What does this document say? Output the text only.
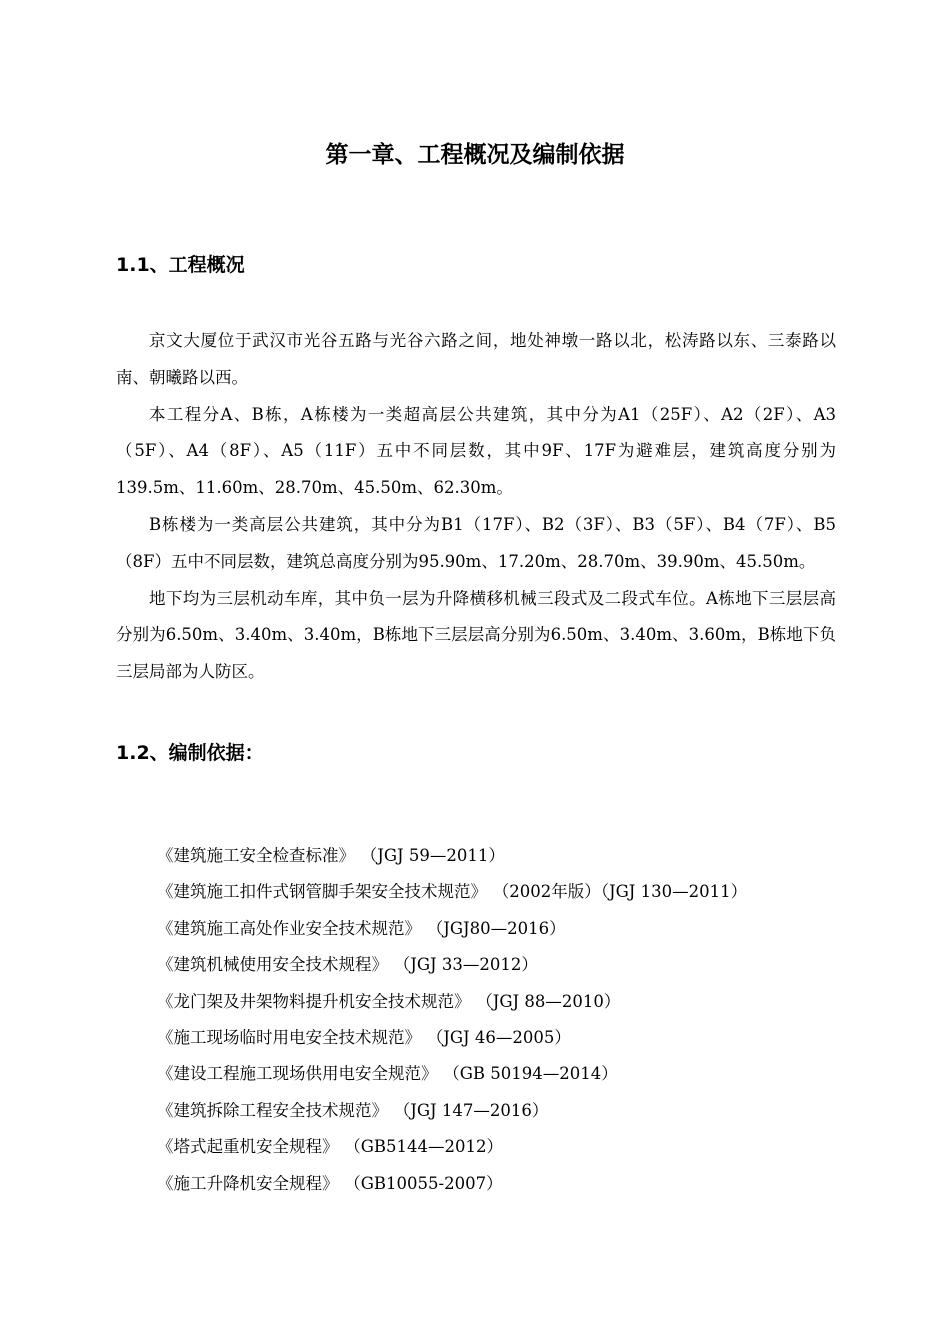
第一章、工程概况及编制依据
1.1、工程概况

京文大厦位于武汉市光谷五路与光谷六路之间，地处神墩一路以北，松涛路以东、三泰路以南、朝曦路以西。

本工程分A、B栋，A栋楼为一类超高层公共建筑，其中分为A1（25F）、A2（2F）、A3（5F）、A4（8F）、A5（11F）五中不同层数，其中9F、17F为避难层，建筑高度分别为139.5m、11.60m、28.70m、45.50m、62.30m。

B栋楼为一类高层公共建筑，其中分为B1（17F）、B2（3F）、B3（5F）、B4（7F）、B5（8F）五中不同层数，建筑总高度分别为95.90m、17.20m、28.70m、39.90m、45.50m。

地下均为三层机动车库，其中负一层为升降横移机械三段式及二段式车位。A栋地下三层层高分别为6.50m、3.40m、3.40m，B栋地下三层层高分别为6.50m、3.40m、3.60m，B栋地下负三层局部为人防区。

1.2、编制依据：
《建筑施工安全检查标准》 （JGJ 59—2011）
《建筑施工扣件式钢管脚手架安全技术规范》 （2002年版）（JGJ 130—2011）
《建筑施工高处作业安全技术规范》 （JGJ80—2016）
《建筑机械使用安全技术规程》 （JGJ 33—2012）
《龙门架及井架物料提升机安全技术规范》 （JGJ 88—2010）
《施工现场临时用电安全技术规范》 （JGJ 46—2005）
《建设工程施工现场供用电安全规范》 （GB 50194—2014）
《建筑拆除工程安全技术规范》 （JGJ 147—2016）
《塔式起重机安全规程》 （GB5144—2012）
《施工升降机安全规程》 （GB10055-2007）
